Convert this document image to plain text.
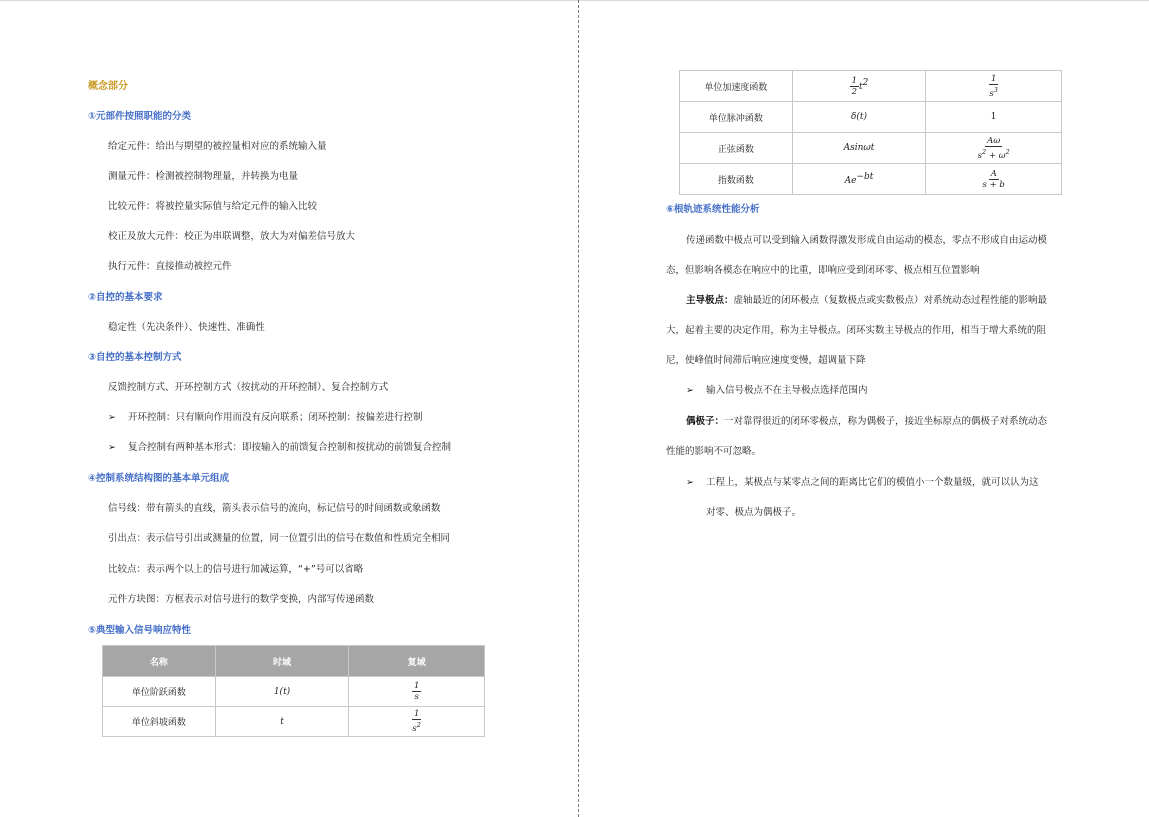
概念部分
①元部件按照职能的分类
给定元件：给出与期望的被控量相对应的系统输入量
测量元件：检测被控制物理量，并转换为电量
比较元件：将被控量实际值与给定元件的输入比较
校正及放大元件：校正为串联调整，放大为对偏差信号放大
执行元件：直接推动被控元件
②自控的基本要求
稳定性（先决条件）、快速性、准确性
③自控的基本控制方式
反馈控制方式、开环控制方式（按扰动的开环控制）、复合控制方式
➢ 开环控制：只有顺向作用而没有反向联系；闭环控制：按偏差进行控制
➢ 复合控制有两种基本形式：即按输入的前馈复合控制和按扰动的前馈复合控制
④控制系统结构图的基本单元组成
信号线：带有箭头的直线，箭头表示信号的流向，标记信号的时间函数或象函数
引出点：表示信号引出或测量的位置，同一位置引出的信号在数值和性质完全相同
比较点：表示两个以上的信号进行加减运算，“+”号可以省略
元件方块图：方框表示对信号进行的数学变换，内部写传递函数
⑤典型输入信号响应特性
名称	时域	复域
单位阶跃函数	1(t)	$\frac{1}{s}$

单位斜坡函数	t	$\frac{1}{s^2}$
单位加速度函数	$\frac{1}{2} t^2$	$\frac{1}{s^3}$

单位脉冲函数	δ(t)	1
正弦函数	Asinωt	$\frac{A\omega}{s^2 + \omega^2}$

指数函数	$Ae^{-bt}$	$\frac{A}{s + b}$
⑥根轨迹系统性能分析
传递函数中极点可以受到输入函数得激发形成自由运动的模态，零点不形成自由运动模
态，但影响各模态在响应中的比重，即响应受到闭环零、极点相互位置影响
主导极点：虚轴最近的闭环极点（复数极点或实数极点）对系统动态过程性能的影响最
大，起着主要的决定作用，称为主导极点。闭环实数主导极点的作用，相当于增大系统的阻
尼，使峰值时间滞后响应速度变慢，超调量下降
➢ 输入信号极点不在主导极点选择范围内
偶极子：一对靠得很近的闭环零极点，称为偶极子，接近坐标原点的偶极子对系统动态
性能的影响不可忽略。
➢ 工程上，某极点与某零点之间的距离比它们的模值小一个数量级，就可以认为这
对零、极点为偶极子。
